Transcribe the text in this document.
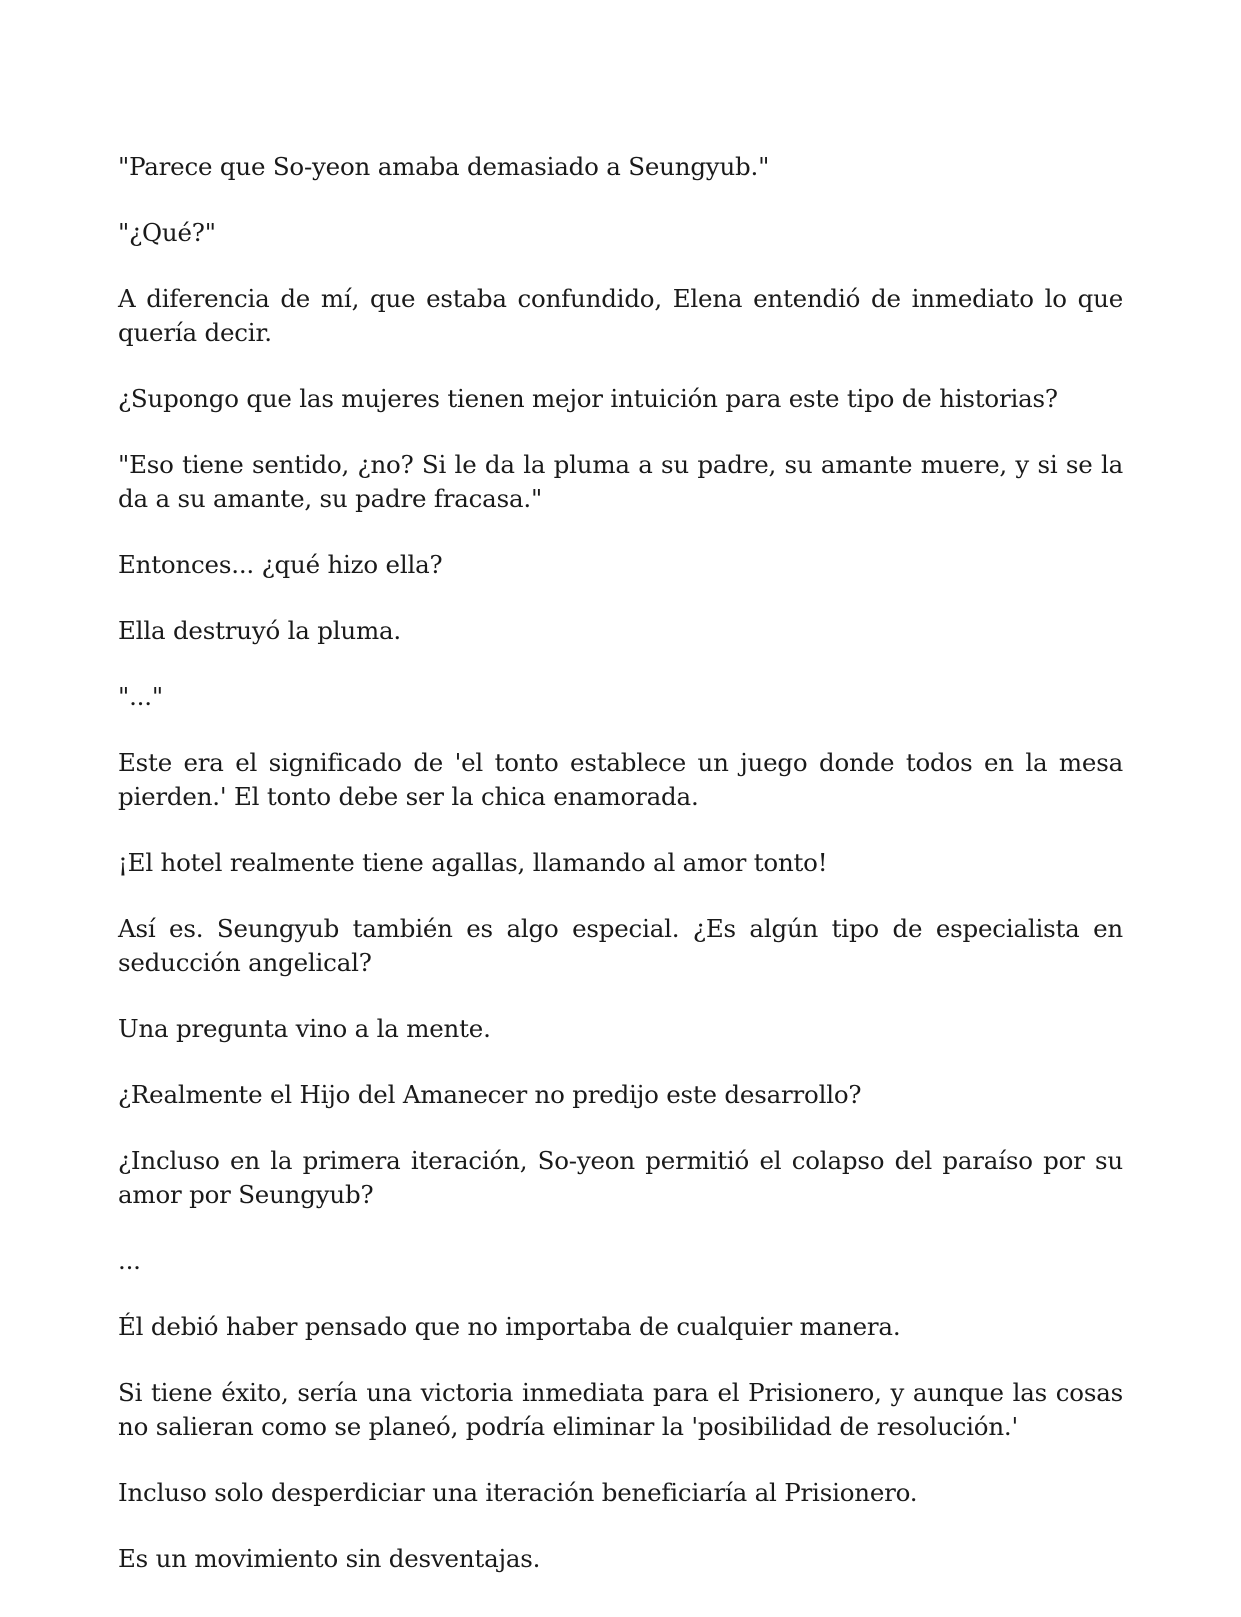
"Parece que So-yeon amaba demasiado a Seungyub."

"¿Qué?"

A diferencia de mí, que estaba confundido, Elena entendió de inmediato lo que quería decir.

¿Supongo que las mujeres tienen mejor intuición para este tipo de historias?

"Eso tiene sentido, ¿no? Si le da la pluma a su padre, su amante muere, y si se la da a su amante, su padre fracasa."

Entonces... ¿qué hizo ella?

Ella destruyó la pluma.

"..."

Este era el significado de 'el tonto establece un juego donde todos en la mesa pierden.' El tonto debe ser la chica enamorada.

¡El hotel realmente tiene agallas, llamando al amor tonto!

Así es. Seungyub también es algo especial. ¿Es algún tipo de especialista en seducción angelical?

Una pregunta vino a la mente.

¿Realmente el Hijo del Amanecer no predijo este desarrollo?

¿Incluso en la primera iteración, So-yeon permitió el colapso del paraíso por su amor por Seungyub?

...

Él debió haber pensado que no importaba de cualquier manera.

Si tiene éxito, sería una victoria inmediata para el Prisionero, y aunque las cosas no salieran como se planeó, podría eliminar la 'posibilidad de resolución.'

Incluso solo desperdiciar una iteración beneficiaría al Prisionero.

Es un movimiento sin desventajas.
